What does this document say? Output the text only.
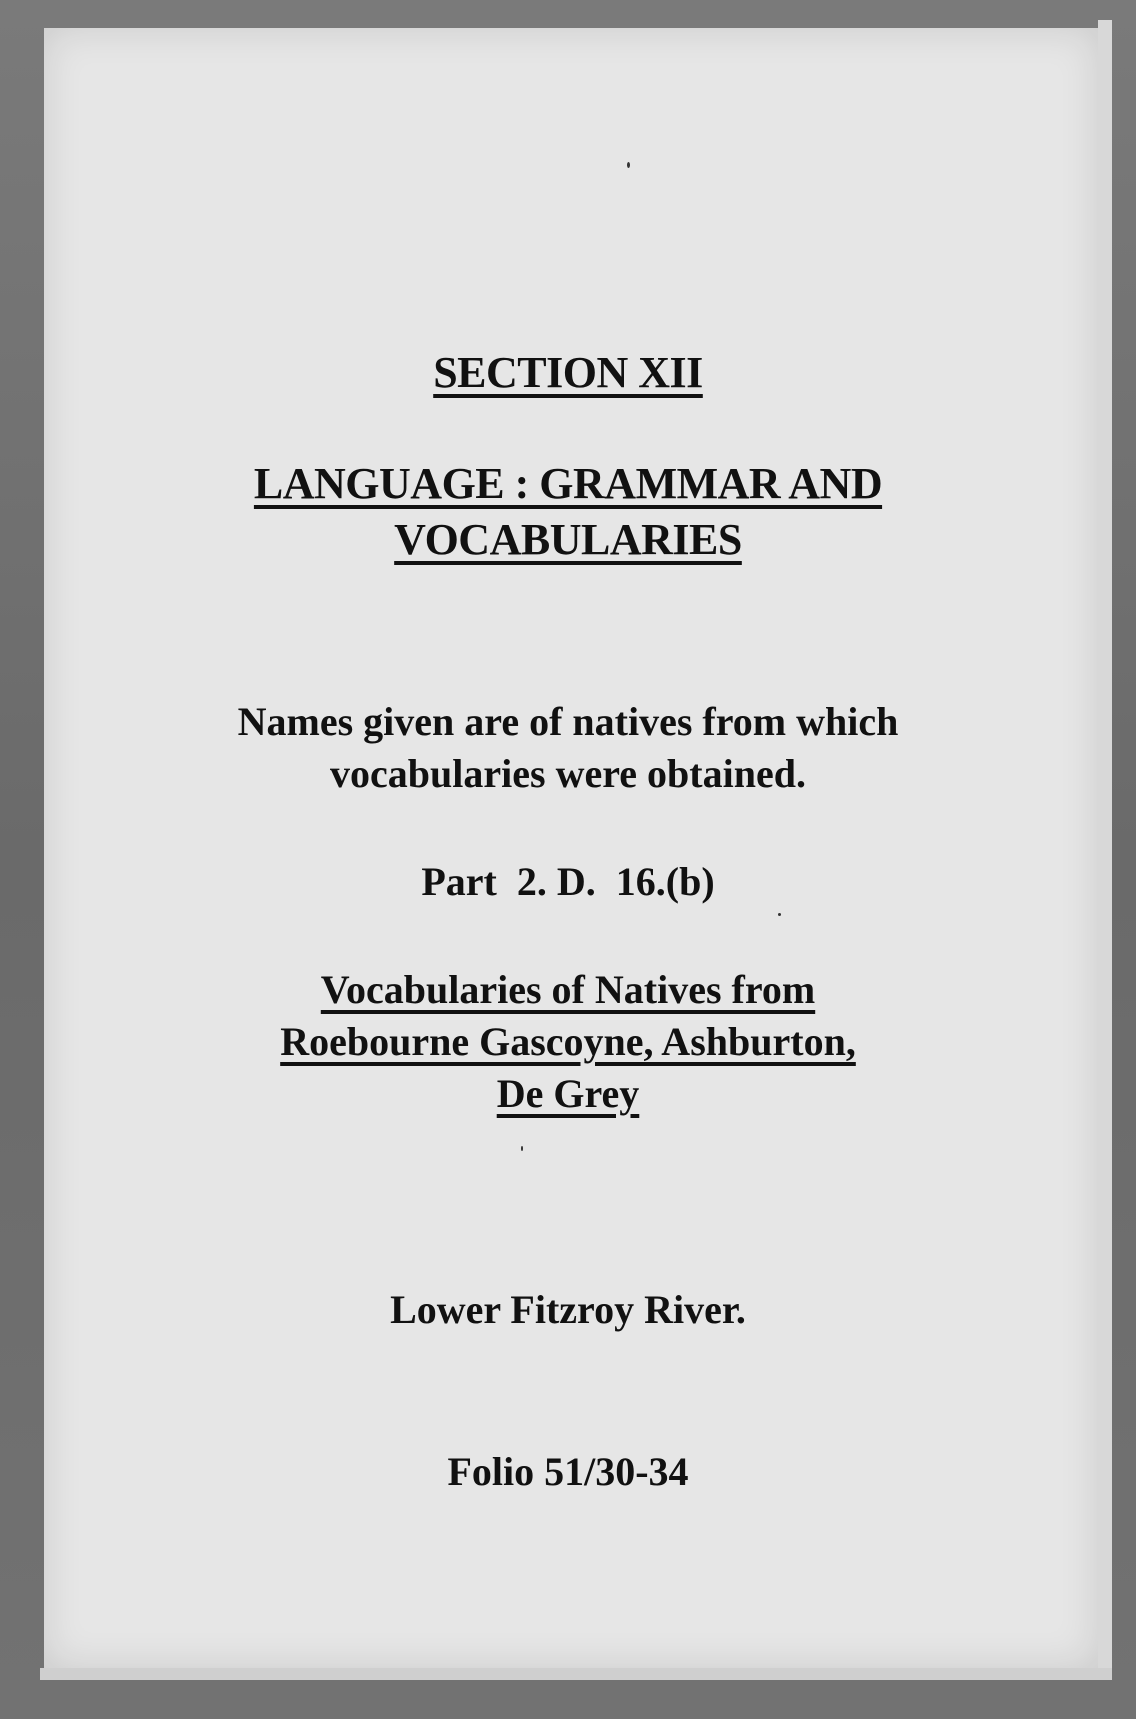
SECTION XII
LANGUAGE : GRAMMAR AND
VOCABULARIES
Names given are of natives from which
vocabularies were obtained.
Part  2. D.  16.(b)
Vocabularies of Natives from
Roebourne Gascoyne, Ashburton,
De Grey
Lower Fitzroy River.
Folio 51/30-34
